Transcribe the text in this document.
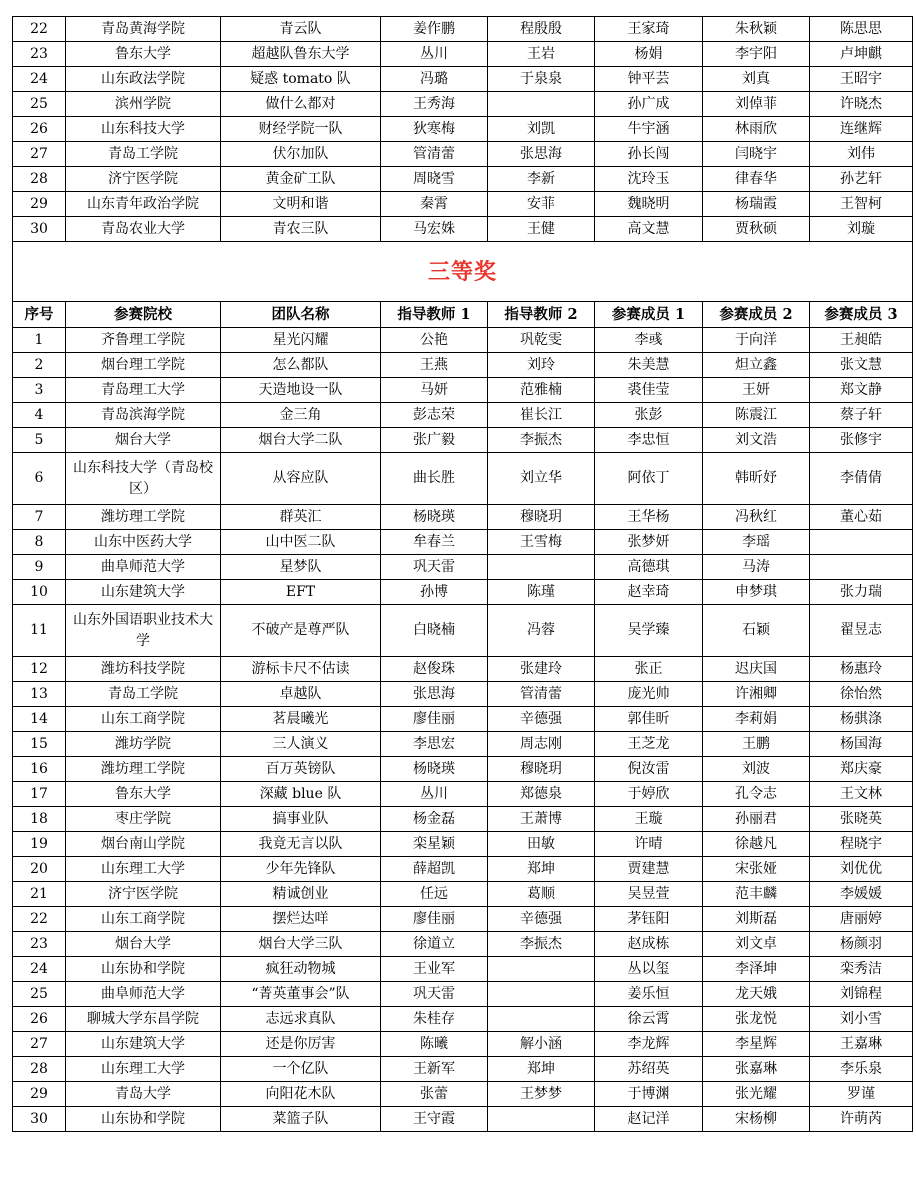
22	青岛黄海学院	青云队	姜作鹏	程殷殷	王家琦	朱秋颖	陈思思
23	鲁东大学	超越队鲁东大学	丛川	王岩	杨娟	李宇阳	卢坤麒
24	山东政法学院	疑惑 tomato 队	冯璐	于泉泉	钟平芸	刘真	王昭宇
25	滨州学院	做什么都对	王秀海		孙广成	刘倬菲	许晓杰
26	山东科技大学	财经学院一队	狄寒梅	刘凯	牛宇涵	林雨欣	连继辉
27	青岛工学院	伏尔加队	管清蕾	张思海	孙长闯	闫晓宇	刘伟
28	济宁医学院	黄金矿工队	周晓雪	李新	沈玲玉	律春华	孙艺轩
29	山东青年政治学院	文明和谐	秦霄	安菲	魏晓明	杨瑞霞	王智柯
30	青岛农业大学	青农三队	马宏姝	王健	高文慧	贾秋硕	刘璇
三等奖							
序号	参赛院校	团队名称	指导教师 1	指导教师 2	参赛成员 1	参赛成员 2	参赛成员 3
1	齐鲁理工学院	星光闪耀	公艳	巩乾雯	李彧	于向洋	王昶皓
2	烟台理工学院	怎么都队	王燕	刘玲	朱美慧	炟立鑫	张文慧
3	青岛理工大学	天造地设一队	马妍	范雅楠	裘佳莹	王妍	郑文静
4	青岛滨海学院	金三角	彭志荣	崔长江	张彭	陈震江	蔡子轩
5	烟台大学	烟台大学二队	张广毅	李振杰	李忠恒	刘文浩	张修宇
6	山东科技大学（青岛校区）	从容应队	曲长胜	刘立华	阿依丁	韩昕妤	李倩倩
7	潍坊理工学院	群英汇	杨晓瑛	穆晓玥	王华杨	冯秋红	董心茹
8	山东中医药大学	山中医二队	牟春兰	王雪梅	张梦妍	李瑶	
9	曲阜师范大学	星梦队	巩天雷		高德琪	马涛	
10	山东建筑大学	EFT	孙博	陈瑾	赵幸琦	申梦琪	张力瑞
11	山东外国语职业技术大学	不破产是尊严队	白晓楠	冯蓉	吴学臻	石颖	翟昱志
12	潍坊科技学院	游标卡尺不估读	赵俊珠	张建玲	张正	迟庆国	杨惠玲
13	青岛工学院	卓越队	张思海	管清蕾	庞光帅	许湘卿	徐怡然
14	山东工商学院	茗晨曦光	廖佳丽	辛德强	郭佳昕	李莉娟	杨骐涤
15	潍坊学院	三人演义	李思宏	周志刚	王芝龙	王鹏	杨国海
16	潍坊理工学院	百万英镑队	杨晓瑛	穆晓玥	倪汝雷	刘波	郑庆豪
17	鲁东大学	深藏 blue 队	丛川	郑德泉	于婷欣	孔令志	王文林
18	枣庄学院	搞事业队	杨金磊	王萧博	王璇	孙丽君	张晓英
19	烟台南山学院	我竟无言以队	栾星颖	田敏	许晴	徐越凡	程晓宇
20	山东理工大学	少年先锋队	薛超凯	郑坤	贾建慧	宋张娅	刘优优
21	济宁医学院	精诚创业	任远	葛顺	吴昱萱	范丰麟	李媛媛
22	山东工商学院	摆烂达咩	廖佳丽	辛德强	茅钰阳	刘斯磊	唐丽婷
23	烟台大学	烟台大学三队	徐道立	李振杰	赵成栋	刘文卓	杨颜羽
24	山东协和学院	疯狂动物城	王业军		丛以玺	李泽坤	栾秀洁
25	曲阜师范大学	“菁英董事会”队	巩天雷		姜乐恒	龙天娥	刘锦程
26	聊城大学东昌学院	志远求真队	朱桂存		徐云霄	张龙悦	刘小雪
27	山东建筑大学	还是你厉害	陈曦	解小涵	李龙辉	李星辉	王嘉琳
28	山东理工大学	一个亿队	王新军	郑坤	苏绍英	张嘉琳	李乐泉
29	青岛大学	向阳花木队	张蕾	王梦梦	于博渊	张光耀	罗谨
30	山东协和学院	菜篮子队	王守霞		赵记洋	宋杨柳	许萌芮
